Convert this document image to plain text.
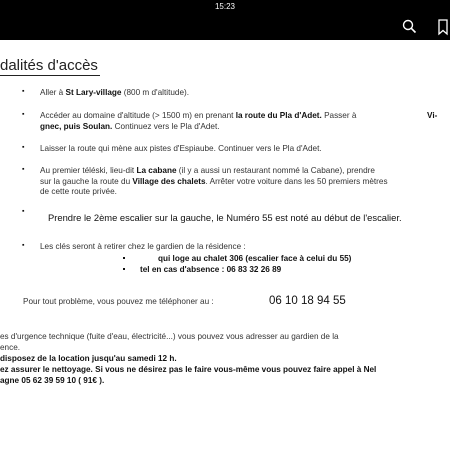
15:23
dalités d'accès
▪ Aller à St Lary-village (800 m d'altitude).
▪ Accéder au domaine d'altitude (> 1500 m) en prenant la route du Pla d'Adet. Passer à	Vi-
gnec, puis Soulan. Continuez vers le Pla d'Adet.
▪ Laisser la route qui mène aux pistes d'Espiaube. Continuer vers le Pla d'Adet.
▪ Au premier téléski, lieu-dit La cabane (il y a aussi un restaurant nommé la Cabane), prendre
sur la gauche la route du Village des chalets. Arrêter votre voiture dans les 50 premiers mètres
de cette route privée.
▪
Prendre le 2ème escalier sur la gauche, le Numéro 55 est noté au début de l'escalier.
▪ Les clés seront à retirer chez le gardien de la résidence :
qui loge au chalet 306 (escalier face à celui du 55)
tel en cas d'absence : 06 83 32 26 89
Pour tout problème, vous pouvez me téléphoner au :	06 10 18 94 55
es d'urgence technique (fuite d'eau, électricité...) vous pouvez vous adresser au gardien de la
ence.
disposez de la location jusqu'au samedi 12 h.
ez assurer le nettoyage. Si vous ne désirez pas le faire vous-même vous pouvez faire appel à Nel
agne 05 62 39 59 10 ( 91€ ).
